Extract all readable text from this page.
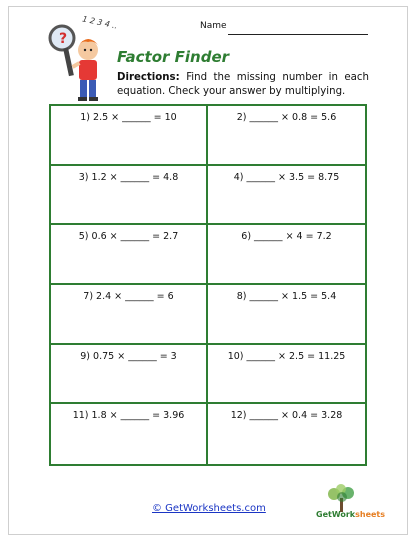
1 2 3 4 ..
?
Name
Factor Finder
Directions: Find the missing number in each equation. Check your answer by multiplying.
1) 2.5 × ______ = 10	2) ______ × 0.8 = 5.6
3) 1.2 × ______ = 4.8	4) ______ × 3.5 = 8.75
5) 0.6 × ______ = 2.7	6) ______ × 4 = 7.2
7) 2.4 × ______ = 6	8) ______ × 1.5 = 5.4
9) 0.75 × ______ = 3	10) ______ × 2.5 = 11.25
11) 1.8 × ______ = 3.96	12) ______ × 0.4 = 3.28
© GetWorksheets.com
GetWorksheets
